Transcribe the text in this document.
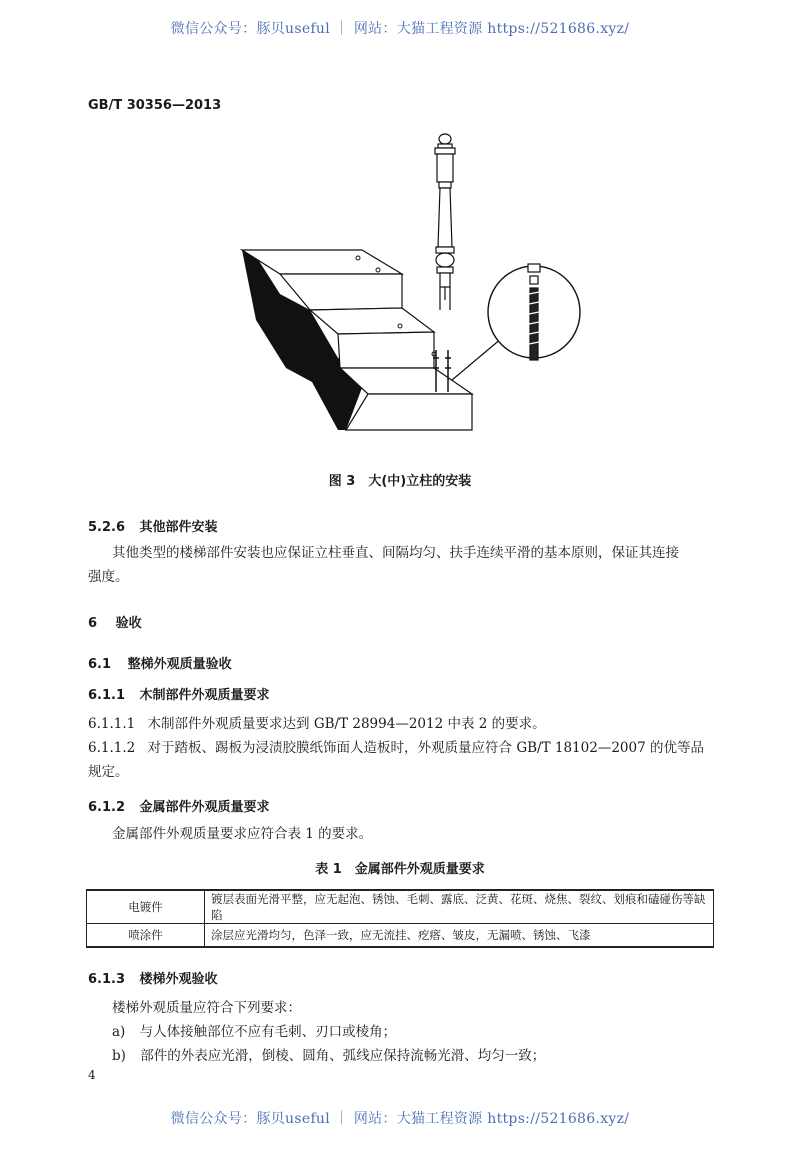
微信公众号：豚贝useful ｜ 网站：大猫工程资源 https://521686.xyz/
GB/T 30356—2013
图 3　大(中)立柱的安装
5.2.6 其他部件安装
其他类型的楼梯部件安装也应保证立柱垂直、间隔均匀、扶手连续平滑的基本原则，保证其连接
强度。
6 验收
6.1 整梯外观质量验收
6.1.1 木制部件外观质量要求
6.1.1.1 木制部件外观质量要求达到 GB/T 28994—2012 中表 2 的要求。
6.1.1.2 对于踏板、踢板为浸渍胶膜纸饰面人造板时，外观质量应符合 GB/T 18102—2007 的优等品
规定。
6.1.2 金属部件外观质量要求
金属部件外观质量要求应符合表 1 的要求。
表 1　金属部件外观质量要求
电镀件	镀层表面光滑平整，应无起泡、锈蚀、毛刺、露底、泛黄、花斑、烧焦、裂纹、划痕和磕碰伤等缺陷
喷涂件	涂层应光滑均匀，色泽一致，应无流挂、疙瘩、皱皮，无漏喷、锈蚀、飞漆
6.1.3 楼梯外观验收
楼梯外观质量应符合下列要求：
a) 与人体接触部位不应有毛刺、刃口或棱角；
b) 部件的外表应光滑，倒棱、圆角、弧线应保持流畅光滑、均匀一致；
4
微信公众号：豚贝useful ｜ 网站：大猫工程资源 https://521686.xyz/
